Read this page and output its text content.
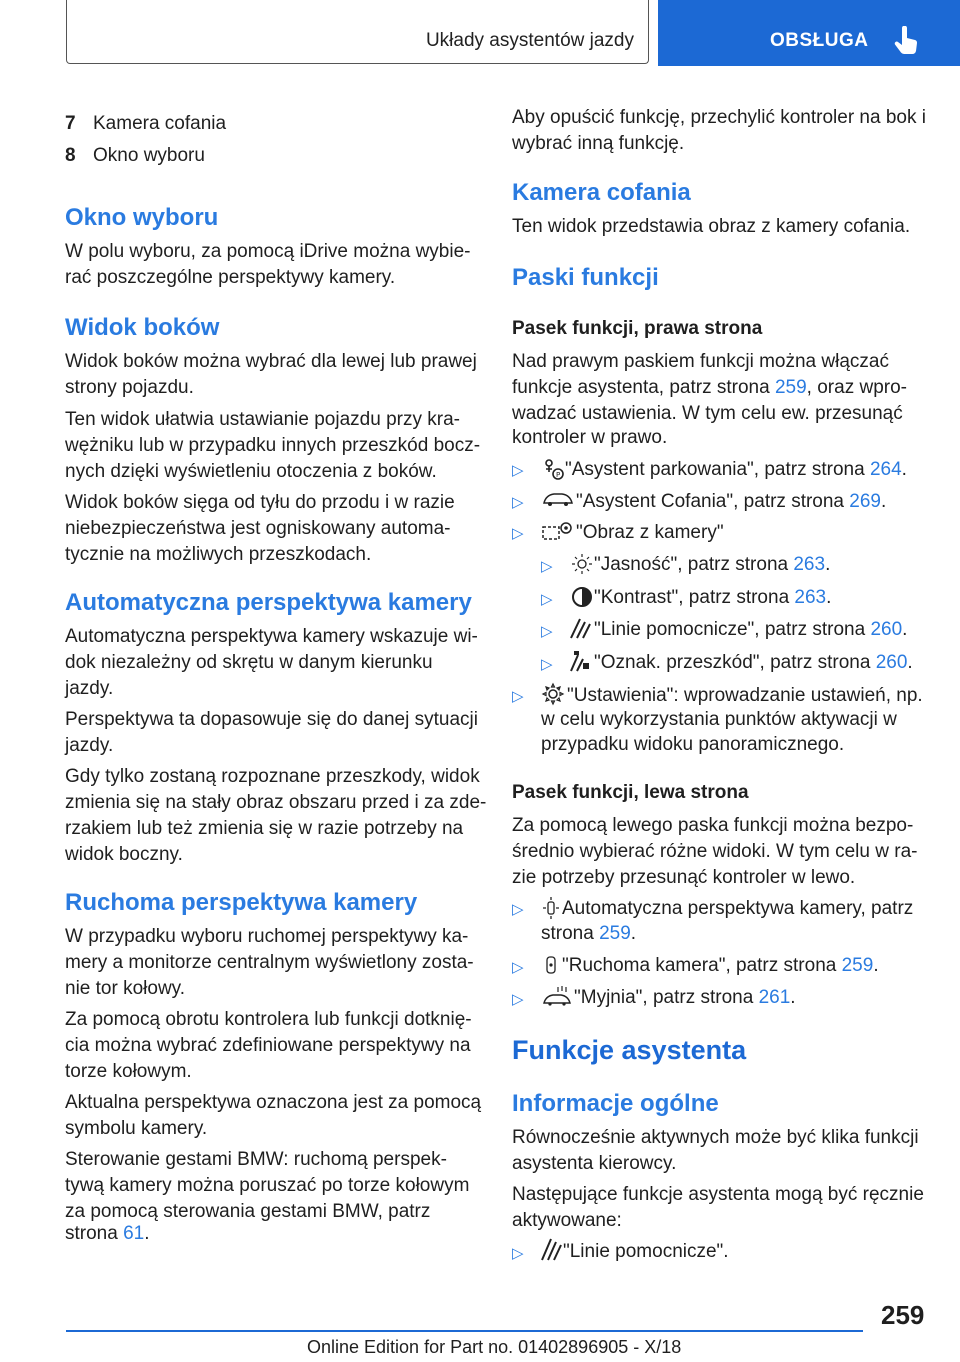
Układy asystentów jazdy	OBSŁUGA
7 Kamera cofania
8 Okno wyboru
Okno wyboru
W polu wyboru, za pomocą iDrive można wybie-
rać poszczególne perspektywy kamery.
Widok boków
Widok boków można wybrać dla lewej lub prawej
strony pojazdu.
Ten widok ułatwia ustawianie pojazdu przy kra-
wężniku lub w przypadku innych przeszkód bocz-
nych dzięki wyświetleniu otoczenia z boków.
Widok boków sięga od tyłu do przodu i w razie
niebezpieczeństwa jest ogniskowany automa-
tycznie na możliwych przeszkodach.
Automatyczna perspektywa kamery
Automatyczna perspektywa kamery wskazuje wi-
dok niezależny od skrętu w danym kierunku
jazdy.
Perspektywa ta dopasowuje się do danej sytuacji
jazdy.
Gdy tylko zostaną rozpoznane przeszkody, widok
zmienia się na stały obraz obszaru przed i za zde-
rzakiem lub też zmienia się w razie potrzeby na
widok boczny.
Ruchoma perspektywa kamery
W przypadku wyboru ruchomej perspektywy ka-
mery a monitorze centralnym wyświetlony zosta-
nie tor kołowy.
Za pomocą obrotu kontrolera lub funkcji dotknię-
cia można wybrać zdefiniowane perspektywy na
torze kołowym.
Aktualna perspektywa oznaczona jest za pomocą
symbolu kamery.
Sterowanie gestami BMW: ruchomą perspek-
tywą kamery można poruszać po torze kołowym
za pomocą sterowania gestami BMW, patrz
strona 61.
Aby opuścić funkcję, przechylić kontroler na bok i
wybrać inną funkcję.
Kamera cofania
Ten widok przedstawia obraz z kamery cofania.
Paski funkcji
Pasek funkcji, prawa strona
Nad prawym paskiem funkcji można włączać
funkcje asystenta, patrz strona 259, oraz wpro-
wadzać ustawienia. W tym celu ew. przesunąć
kontroler w prawo.
▷	P "Asystent parkowania", patrz strona 264.
▷	"Asystent Cofania", patrz strona 269.
▷	"Obraz z kamery"
▷ "Jasność", patrz strona 263.
▷ "Kontrast", patrz strona 263.
▷ "Linie pomocnicze", patrz strona 260.
▷ "Oznak. przeszkód", patrz strona 260.
▷ "Ustawienia": wprowadzanie ustawień, np.
w celu wykorzystania punktów aktywacji w
przypadku widoku panoramicznego.
Pasek funkcji, lewa strona
Za pomocą lewego paska funkcji można bezpo-
średnio wybierać różne widoki. W tym celu w ra-
zie potrzeby przesunąć kontroler w lewo.
▷ Automatyczna perspektywa kamery, patrz
strona 259.
▷ "Ruchoma kamera", patrz strona 259.
▷	"Myjnia", patrz strona 261.
Funkcje asystenta
Informacje ogólne
Równocześnie aktywnych może być klika funkcji
asystenta kierowcy.
Następujące funkcje asystenta mogą być ręcznie
aktywowane:
▷ "Linie pomocnicze".
259
Online Edition for Part no. 01402896905 - X/18
